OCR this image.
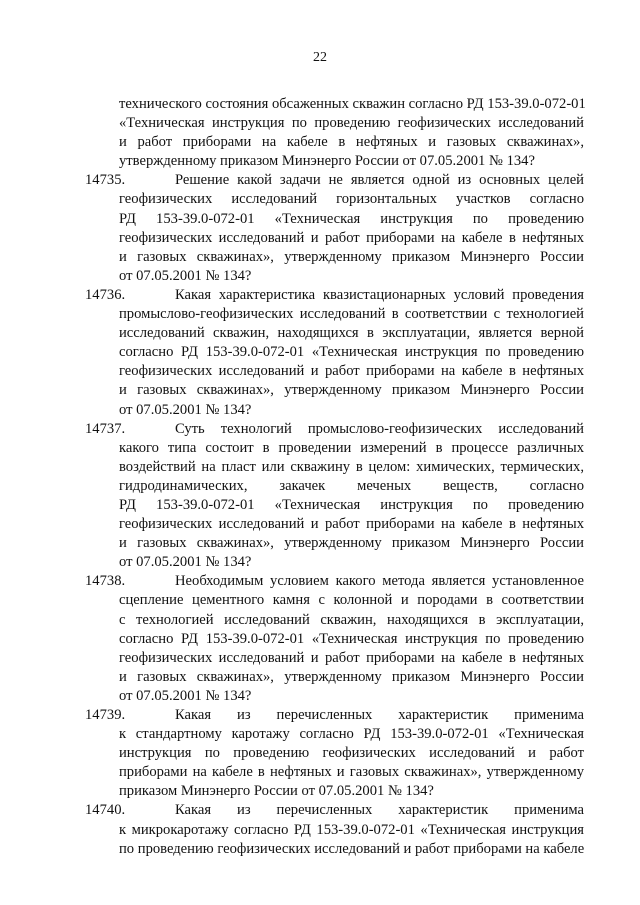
22
технического состояния обсаженных скважин согласно РД 153-39.0-072-01
«Техническая инструкция по проведению геофизических исследований
и работ приборами на кабеле в нефтяных и газовых скважинах»,
утвержденному приказом Минэнерго России от 07.05.2001 № 134?
14735.	Решение какой задачи не является одной из основных целей
геофизических исследований горизонтальных участков согласно
РД 153-39.0-072-01 «Техническая инструкция по проведению
геофизических исследований и работ приборами на кабеле в нефтяных
и газовых скважинах», утвержденному приказом Минэнерго России
от 07.05.2001 № 134?
14736.	Какая характеристика квазистационарных условий проведения
промыслово-геофизических исследований в соответствии с технологией
исследований скважин, находящихся в эксплуатации, является верной
согласно РД 153-39.0-072-01 «Техническая инструкция по проведению
геофизических исследований и работ приборами на кабеле в нефтяных
и газовых скважинах», утвержденному приказом Минэнерго России
от 07.05.2001 № 134?
14737.	Суть технологий промыслово-геофизических исследований
какого типа состоит в проведении измерений в процессе различных
воздействий на пласт или скважину в целом: химических, термических,
гидродинамических, закачек меченых веществ, согласно
РД 153-39.0-072-01 «Техническая инструкция по проведению
геофизических исследований и работ приборами на кабеле в нефтяных
и газовых скважинах», утвержденному приказом Минэнерго России
от 07.05.2001 № 134?
14738.	Необходимым условием какого метода является установленное
сцепление цементного камня с колонной и породами в соответствии
с технологией исследований скважин, находящихся в эксплуатации,
согласно РД 153-39.0-072-01 «Техническая инструкция по проведению
геофизических исследований и работ приборами на кабеле в нефтяных
и газовых скважинах», утвержденному приказом Минэнерго России
от 07.05.2001 № 134?
14739.	Какая из перечисленных характеристик применима
к стандартному каротажу согласно РД 153-39.0-072-01 «Техническая
инструкция по проведению геофизических исследований и работ
приборами на кабеле в нефтяных и газовых скважинах», утвержденному
приказом Минэнерго России от 07.05.2001 № 134?
14740.	Какая из перечисленных характеристик применима
к микрокаротажу согласно РД 153-39.0-072-01 «Техническая инструкция
по проведению геофизических исследований и работ приборами на кабеле
